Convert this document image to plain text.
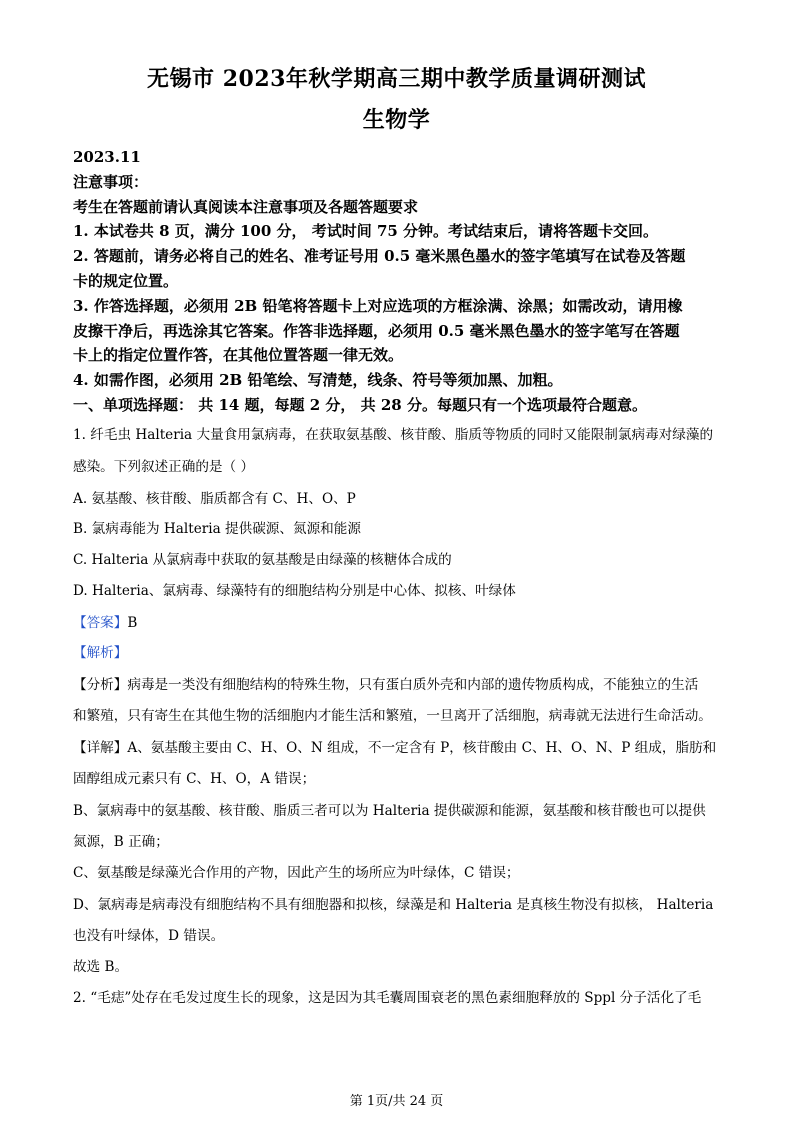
无锡市 2023年秋学期高三期中教学质量调研测试
生物学
2023.11
注意事项：
考生在答题前请认真阅读本注意事项及各题答题要求
1. 本试卷共 8 页，满分 100 分， 考试时间 75 分钟。考试结束后，请将答题卡交回。
2. 答题前，请务必将自己的姓名、准考证号用 0.5 毫米黑色墨水的签字笔填写在试卷及答题
卡的规定位置。
3. 作答选择题，必须用 2B 铅笔将答题卡上对应选项的方框涂满、涂黑；如需改动，请用橡
皮擦干净后，再选涂其它答案。作答非选择题，必须用 0.5 毫米黑色墨水的签字笔写在答题
卡上的指定位置作答，在其他位置答题一律无效。
4. 如需作图，必须用 2B 铅笔绘、写清楚，线条、符号等须加黑、加粗。
一、单项选择题： 共 14 题，每题 2 分， 共 28 分。每题只有一个选项最符合题意。
1. 纤毛虫 Halteria 大量食用氯病毒，在获取氨基酸、核苷酸、脂质等物质的同时又能限制氯病毒对绿藻的
感染。下列叙述正确的是（ ）
A. 氨基酸、核苷酸、脂质都含有 C、H、O、P
B. 氯病毒能为 Halteria 提供碳源、氮源和能源
C. Halteria 从氯病毒中获取的氨基酸是由绿藻的核糖体合成的
D. Halteria、氯病毒、绿藻特有的细胞结构分别是中心体、拟核、叶绿体
【答案】B
【解析】
【分析】病毒是一类没有细胞结构的特殊生物，只有蛋白质外壳和内部的遗传物质构成，不能独立的生活
和繁殖，只有寄生在其他生物的活细胞内才能生活和繁殖，一旦离开了活细胞，病毒就无法进行生命活动。
【详解】A、氨基酸主要由 C、H、O、N 组成，不一定含有 P，核苷酸由 C、H、O、N、P 组成，脂肪和
固醇组成元素只有 C、H、O，A 错误；
B、氯病毒中的氨基酸、核苷酸、脂质三者可以为 Halteria 提供碳源和能源，氨基酸和核苷酸也可以提供
氮源，B 正确；
C、氨基酸是绿藻光合作用的产物，因此产生的场所应为叶绿体，C 错误；
D、氯病毒是病毒没有细胞结构不具有细胞器和拟核，绿藻是和 Halteria 是真核生物没有拟核， Halteria
也没有叶绿体，D 错误。
故选 B。
2. “毛痣”处存在毛发过度生长的现象，这是因为其毛囊周围衰老的黑色素细胞释放的 Sppl 分子活化了毛
第 1页/共 24 页
